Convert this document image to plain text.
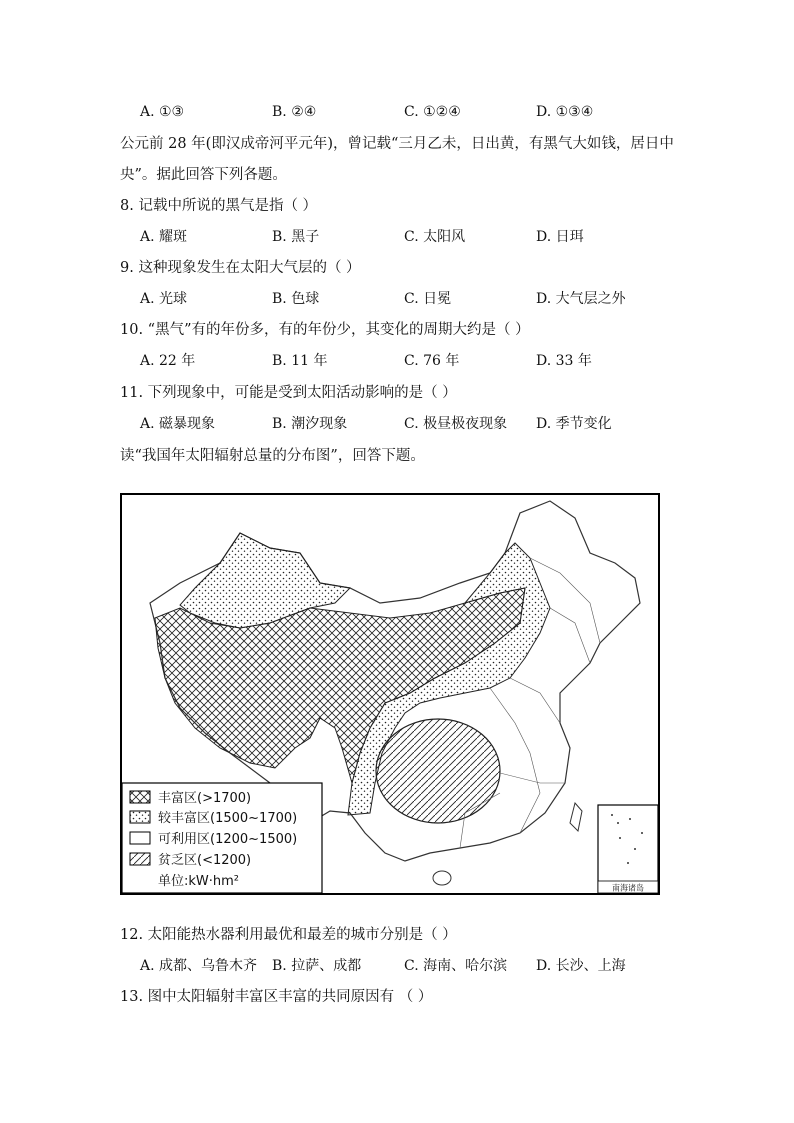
A. ①③	B. ②④	C. ①②④	D. ①③④
公元前 28 年(即汉成帝河平元年)，曾记载“三月乙未，日出黄，有黑气大如钱，居日中
央”。据此回答下列各题。
8. 记载中所说的黑气是指（ ）
A. 耀斑	B. 黑子	C. 太阳风	D. 日珥
9. 这种现象发生在太阳大气层的（ ）
A. 光球	B. 色球	C. 日冕	D. 大气层之外
10. “黑气”有的年份多，有的年份少，其变化的周期大约是（ ）
A. 22 年	B. 11 年	C. 76 年	D. 33 年
11. 下列现象中，可能是受到太阳活动影响的是（ ）
A. 磁暴现象	B. 潮汐现象	C. 极昼极夜现象 D. 季节变化
读“我国年太阳辐射总量的分布图”，回答下题。
南海诸岛
丰富区(>1700)
较丰富区(1500~1700)
可利用区(1200~1500)
贫乏区(<1200)
单位:kW·hm²
12. 太阳能热水器利用最优和最差的城市分别是（ ）
A. 成都、乌鲁木齐 B. 拉萨、成都	C. 海南、哈尔滨 D. 长沙、上海
13. 图中太阳辐射丰富区丰富的共同原因有 （ ）
